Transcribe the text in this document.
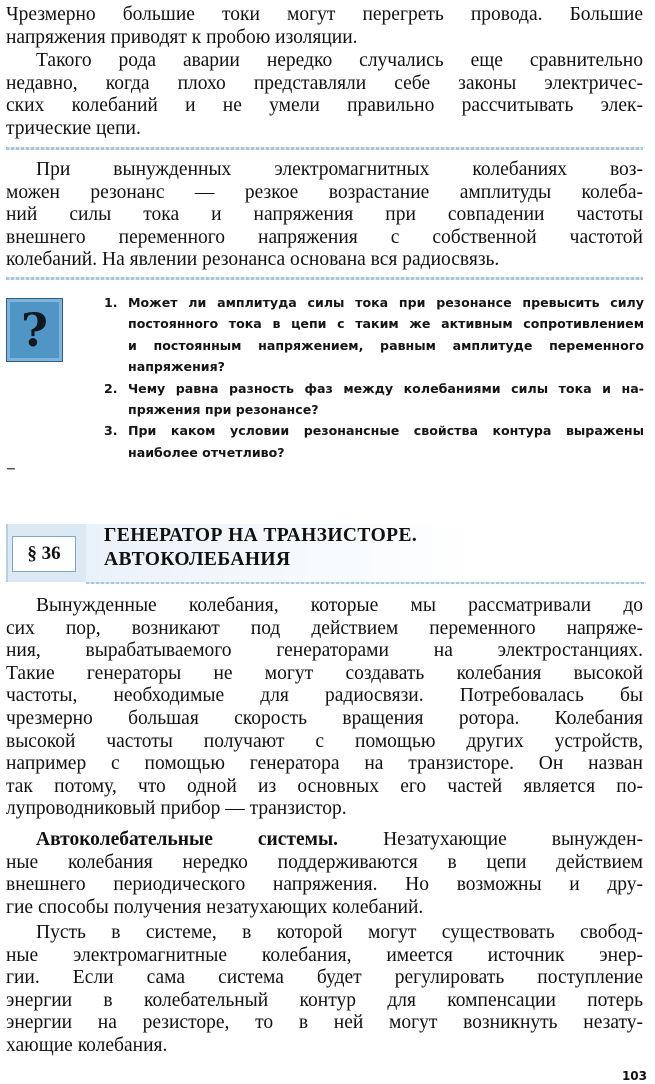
Чрезмерно большие токи могут перегреть провода. Большие
напряжения приводят к пробою изоляции.
Такого рода аварии нередко случались еще сравнительно
недавно, когда плохо представляли себе законы электричес-
ских колебаний и не умели правильно рассчитывать элек-
трические цепи.
При вынужденных электромагнитных колебаниях воз-
можен резонанс — резкое возрастание амплитуды колеба-
ний силы тока и напряжения при совпадении частоты
внешнего переменного напряжения с собственной частотой
колебаний. На явлении резонанса основана вся радиосвязь.
?
1. Может ли амплитуда силы тока при резонансе превысить силу
постоянного тока в цепи с таким же активным сопротивлением
и постоянным напряжением, равным амплитуде переменного
напряжения?
2. Чему равна разность фаз между колебаниями силы тока и на-
пряжения при резонансе?
3. При каком условии резонансные свойства контура выражены
наиболее отчетливо?
▁
§ 36
ГЕНЕРАТОР НА ТРАНЗИСТОРЕ.
АВТОКОЛЕБАНИЯ
Вынужденные колебания, которые мы рассматривали до
сих пор, возникают под действием переменного напряже-
ния, вырабатываемого генераторами на электростанциях.
Такие генераторы не могут создавать колебания высокой
частоты, необходимые для радиосвязи. Потребовалась бы
чрезмерно большая скорость вращения ротора. Колебания
высокой частоты получают с помощью других устройств,
например с помощью генератора на транзисторе. Он назван
так потому, что одной из основных его частей является по-
лупроводниковый прибор — транзистор.
Автоколебательные системы. Незатухающие вынужден-
ные колебания нередко поддерживаются в цепи действием
внешнего периодического напряжения. Но возможны и дру-
гие способы получения незатухающих колебаний.
Пусть в системе, в которой могут существовать свобод-
ные электромагнитные колебания, имеется источник энер-
гии. Если сама система будет регулировать поступление
энергии в колебательный контур для компенсации потерь
энергии на резисторе, то в ней могут возникнуть незату-
хающие колебания.
103
